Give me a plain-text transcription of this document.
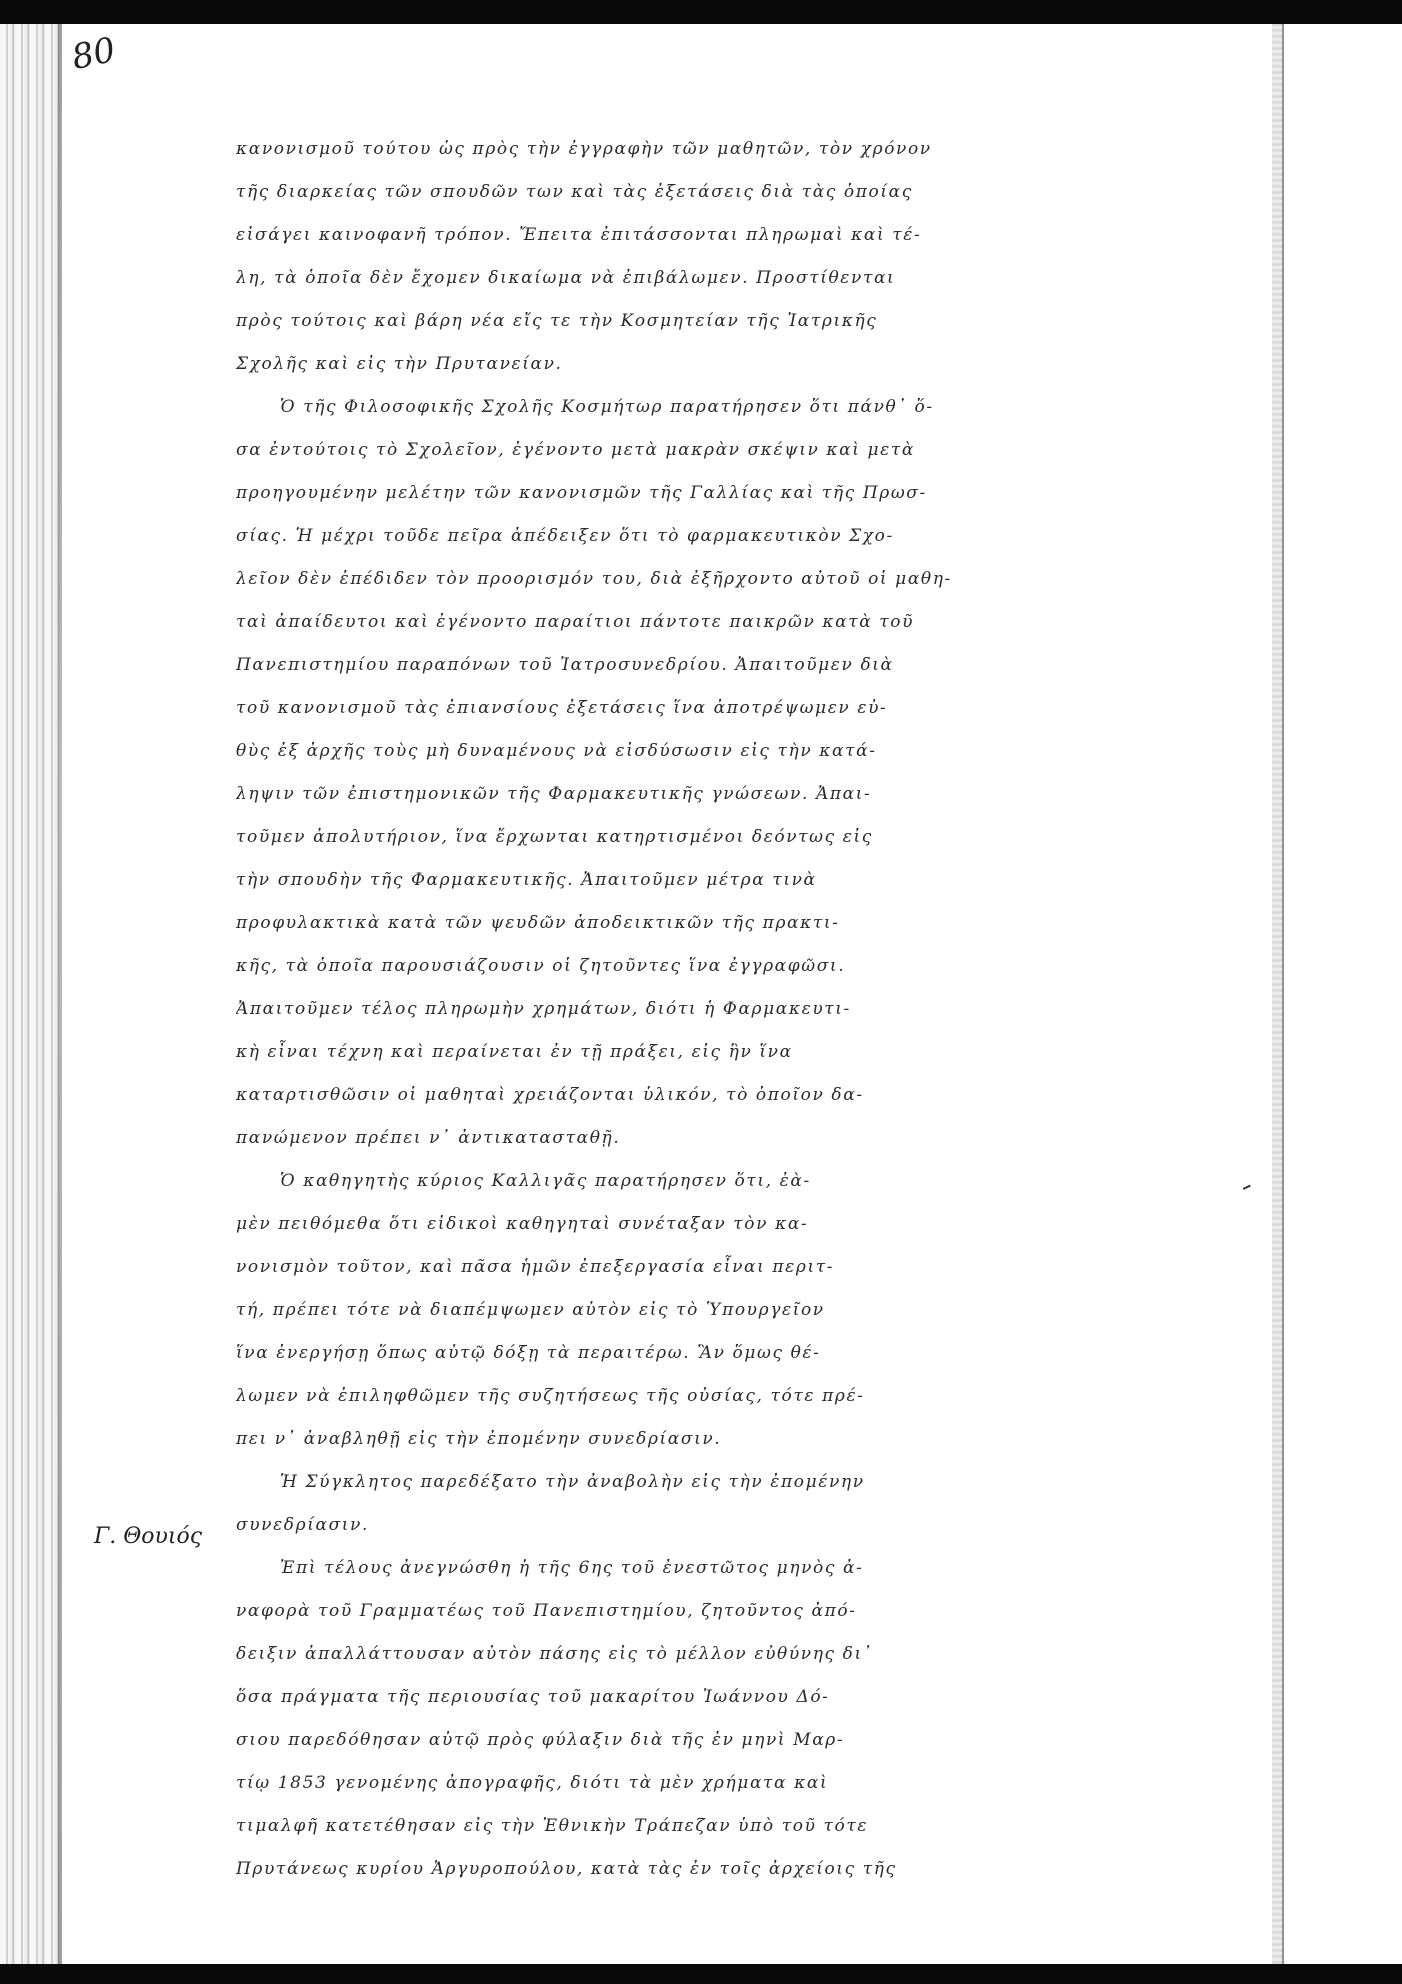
80
Γ. Θουιός
κανονισμοῦ τούτου ὡς πρὸς τὴν ἐγγραφὴν τῶν μαθητῶν, τὸν χρόνον
τῆς διαρκείας τῶν σπουδῶν των καὶ τὰς ἐξετάσεις διὰ τὰς ὁποίας
εἰσάγει καινοφανῆ τρόπον. Ἔπειτα ἐπιτάσσονται πληρωμαὶ καὶ τέ-
λη, τὰ ὁποῖα δὲν ἔχομεν δικαίωμα νὰ ἐπιβάλωμεν. Προστίθενται
πρὸς τούτοις καὶ βάρη νέα εἴς τε τὴν Κοσμητείαν τῆς Ἰατρικῆς
Σχολῆς καὶ εἰς τὴν Πρυτανείαν.
Ὁ τῆς Φιλοσοφικῆς Σχολῆς Κοσμήτωρ παρατήρησεν ὅτι πάνθ᾿ ὅ-
σα ἐντούτοις τὸ Σχολεῖον, ἐγένοντο μετὰ μακρὰν σκέψιν καὶ μετὰ
προηγουμένην μελέτην τῶν κανονισμῶν τῆς Γαλλίας καὶ τῆς Πρωσ-
σίας. Ἡ μέχρι τοῦδε πεῖρα ἀπέδειξεν ὅτι τὸ φαρμακευτικὸν Σχο-
λεῖον δὲν ἐπέδιδεν τὸν προορισμόν του, διὰ ἐξῆρχοντο αὐτοῦ οἱ μαθη-
ταὶ ἀπαίδευτοι καὶ ἐγένοντο παραίτιοι πάντοτε παικρῶν κατὰ τοῦ
Πανεπιστημίου παραπόνων τοῦ Ἰατροσυνεδρίου. Ἀπαιτοῦμεν διὰ
τοῦ κανονισμοῦ τὰς ἐπιανσίους ἐξετάσεις ἵνα ἀποτρέψωμεν εὐ-
θὺς ἐξ ἀρχῆς τοὺς μὴ δυναμένους νὰ εἰσδύσωσιν εἰς τὴν κατά-
ληψιν τῶν ἐπιστημονικῶν τῆς Φαρμακευτικῆς γνώσεων. Ἀπαι-
τοῦμεν ἀπολυτήριον, ἵνα ἔρχωνται κατηρτισμένοι δεόντως εἰς
τὴν σπουδὴν τῆς Φαρμακευτικῆς. Ἀπαιτοῦμεν μέτρα τινὰ
προφυλακτικὰ κατὰ τῶν ψευδῶν ἀποδεικτικῶν τῆς πρακτι-
κῆς, τὰ ὁποῖα παρουσιάζουσιν οἱ ζητοῦντες ἵνα ἐγγραφῶσι.
Ἀπαιτοῦμεν τέλος πληρωμὴν χρημάτων, διότι ἡ Φαρμακευτι-
κὴ εἶναι τέχνη καὶ περαίνεται ἐν τῇ πράξει, εἰς ἣν ἵνα
καταρτισθῶσιν οἱ μαθηταὶ χρειάζονται ὑλικόν, τὸ ὁποῖον δα-
πανώμενον πρέπει ν᾿ ἀντικατασταθῇ.
Ὁ καθηγητὴς κύριος Καλλιγᾶς παρατήρησεν ὅτι, ἐὰ-
μὲν πειθόμεθα ὅτι εἰδικοὶ καθηγηταὶ συνέταξαν τὸν κα-
νονισμὸν τοῦτον, καὶ πᾶσα ἡμῶν ἐπεξεργασία εἶναι περιτ-
τή, πρέπει τότε νὰ διαπέμψωμεν αὐτὸν εἰς τὸ Ὑπουργεῖον
ἵνα ἐνεργήσῃ ὅπως αὐτῷ δόξῃ τὰ περαιτέρω. Ἂν ὅμως θέ-
λωμεν νὰ ἐπιληφθῶμεν τῆς συζητήσεως τῆς οὐσίας, τότε πρέ-
πει ν᾿ ἀναβληθῇ εἰς τὴν ἐπομένην συνεδρίασιν.
Ἡ Σύγκλητος παρεδέξατο τὴν ἀναβολὴν εἰς τὴν ἐπομένην
συνεδρίασιν.
Ἐπὶ τέλους ἀνεγνώσθη ἡ τῆς 6ης τοῦ ἐνεστῶτος μηνὸς ἀ-
ναφορὰ τοῦ Γραμματέως τοῦ Πανεπιστημίου, ζητοῦντος ἀπό-
δειξιν ἀπαλλάττουσαν αὐτὸν πάσης εἰς τὸ μέλλον εὐθύνης δι᾿
ὅσα πράγματα τῆς περιουσίας τοῦ μακαρίτου Ἰωάννου Δό-
σιου παρεδόθησαν αὐτῷ πρὸς φύλαξιν διὰ τῆς ἐν μηνὶ Μαρ-
τίῳ 1853 γενομένης ἀπογραφῆς, διότι τὰ μὲν χρήματα καὶ
τιμαλφῆ κατετέθησαν εἰς τὴν Ἐθνικὴν Τράπεζαν ὑπὸ τοῦ τότε
Πρυτάνεως κυρίου Ἀργυροπούλου, κατὰ τὰς ἐν τοῖς ἀρχείοις τῆς
